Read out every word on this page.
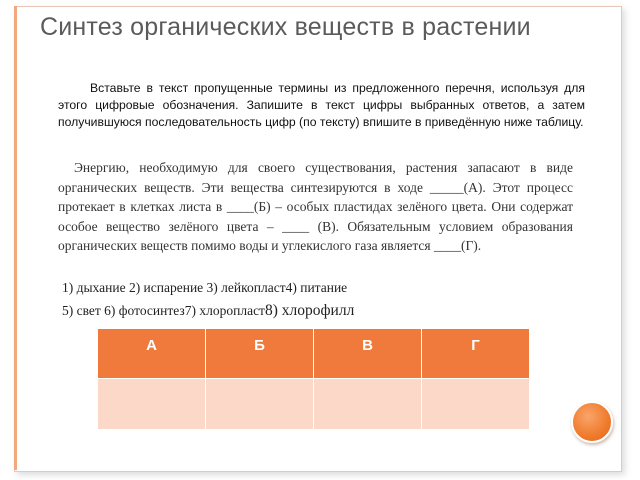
Синтез органических веществ в растении
Вставьте в текст пропущенные термины из предложенного перечня, используя для этого цифровые обозначения. Запишите в текст цифры выбранных ответов, а затем получившуюся последовательность цифр (по тексту) впишите в приведённую ниже таблицу.
Энергию, необходимую для своего существования, растения запасают в виде органических веществ. Эти вещества синтезируются в ходе _____(А). Этот процесс протекает в клетках листа в ____(Б) – особых пластидах зелёного цвета. Они содержат особое вещество зелёного цвета – ____ (В). Обязательным условием образования органических веществ помимо воды и углекислого газа является ____(Г).
1) дыхание 2) испарение 3) лейкопласт4) питание
5) свет 6) фотосинтез7) хлоропласт8) хлорофилл
А	Б	В	Г
